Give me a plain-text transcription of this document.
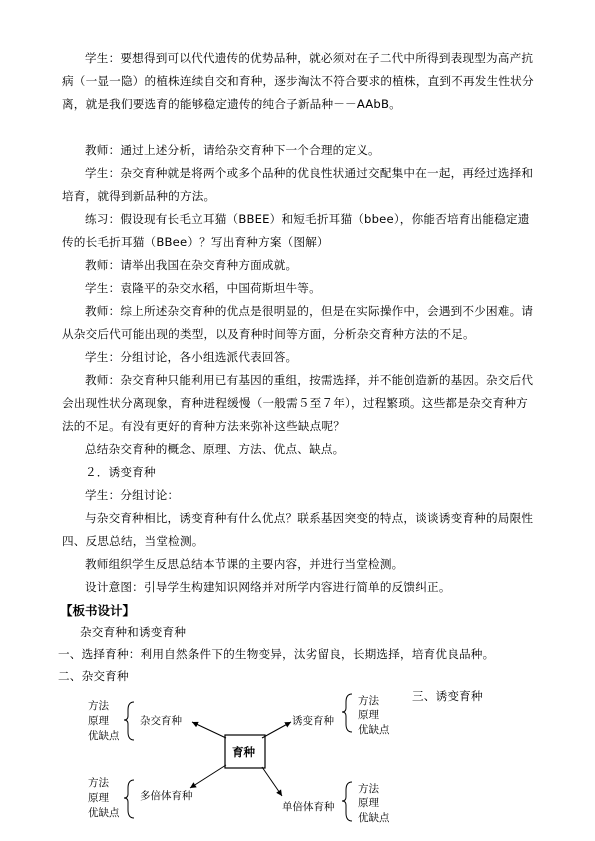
学生：要想得到可以代代遗传的优势品种，就必须对在子二代中所得到表现型为高产抗病（一显一隐）的植株连续自交和育种，逐步淘汰不符合要求的植株，直到不再发生性状分离，就是我们要选育的能够稳定遗传的纯合子新品种－－AAbB。

教师：通过上述分析，请给杂交育种下一个合理的定义。

学生：杂交育种就是将两个或多个品种的优良性状通过交配集中在一起，再经过选择和培育，就得到新品种的方法。

练习：假设现有长毛立耳猫（BBEE）和短毛折耳猫（bbee），你能否培育出能稳定遗传的长毛折耳猫（BBee）？写出育种方案（图解）

教师：请举出我国在杂交育种方面成就。

学生：袁隆平的杂交水稻，中国荷斯坦牛等。

教师：综上所述杂交育种的优点是很明显的，但是在实际操作中，会遇到不少困难。请从杂交后代可能出现的类型，以及育种时间等方面，分析杂交育种方法的不足。

学生：分组讨论，各小组选派代表回答。

教师：杂交育种只能利用已有基因的重组，按需选择，并不能创造新的基因。杂交后代会出现性状分离现象，育种进程缓慢（一般需５至７年），过程繁琐。这些都是杂交育种方法的不足。有没有更好的育种方法来弥补这些缺点呢？

总结杂交育种的概念、原理、方法、优点、缺点。

２．诱变育种

学生：分组讨论：

与杂交育种相比，诱变育种有什么优点？联系基因突变的特点，谈谈诱变育种的局限性四、反思总结，当堂检测。

教师组织学生反思总结本节课的主要内容，并进行当堂检测。

设计意图：引导学生构建知识网络并对所学内容进行简单的反馈纠正。

【板书设计】

杂交育种和诱变育种

一、选择育种：利用自然条件下的生物变异，汰劣留良，长期选择，培育优良品种。

二、杂交育种

三、诱变育种

育种
杂交育种	诱变育种
多倍体育种
单倍体育种
方法
原理
优缺点
方法
原理
优缺点
方法
原理
优缺点
方法
原理
优缺点
